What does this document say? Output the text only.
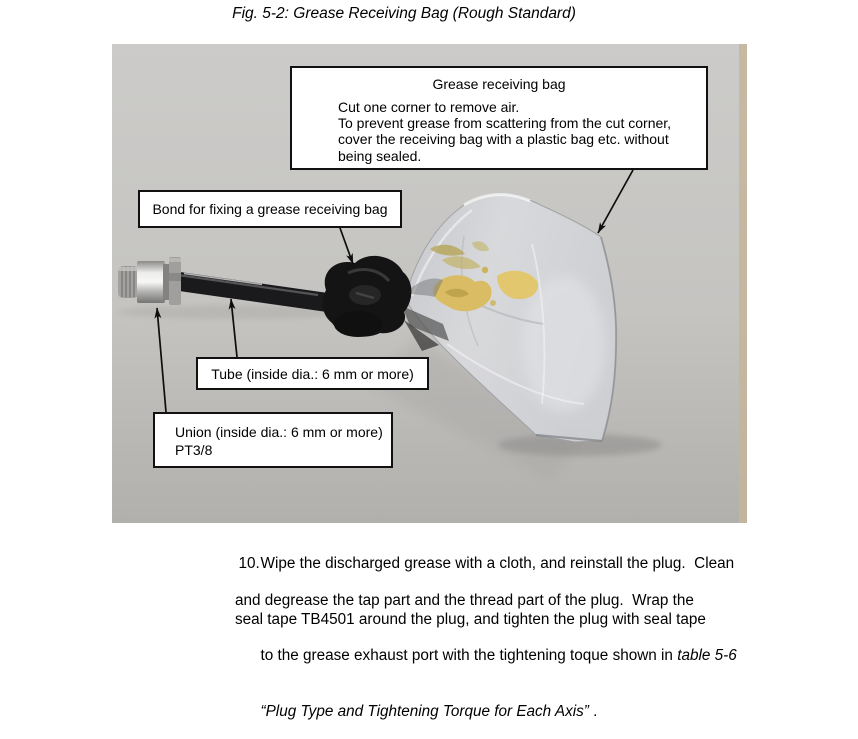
Fig. 5-2: Grease Receiving Bag (Rough Standard)
Grease receiving bag
Cut one corner to remove air.
To prevent grease from scattering from the cut corner,
cover the receiving bag with a plastic bag etc. without
being sealed.
Bond for fixing a grease receiving bag
Tube (inside dia.: 6 mm or more)
Union (inside dia.: 6 mm or more)
PT3/8

10.Wipe the discharged grease with a cloth, and reinstall the plug.  Clean

and degrease the tap part and the thread part of the plug.  Wrap the
seal tape TB4501 around the plug, and tighten the plug with seal tape

to the grease exhaust port with the tightening toque shown in table 5-6

“Plug Type and Tightening Torque for Each Axis” .
